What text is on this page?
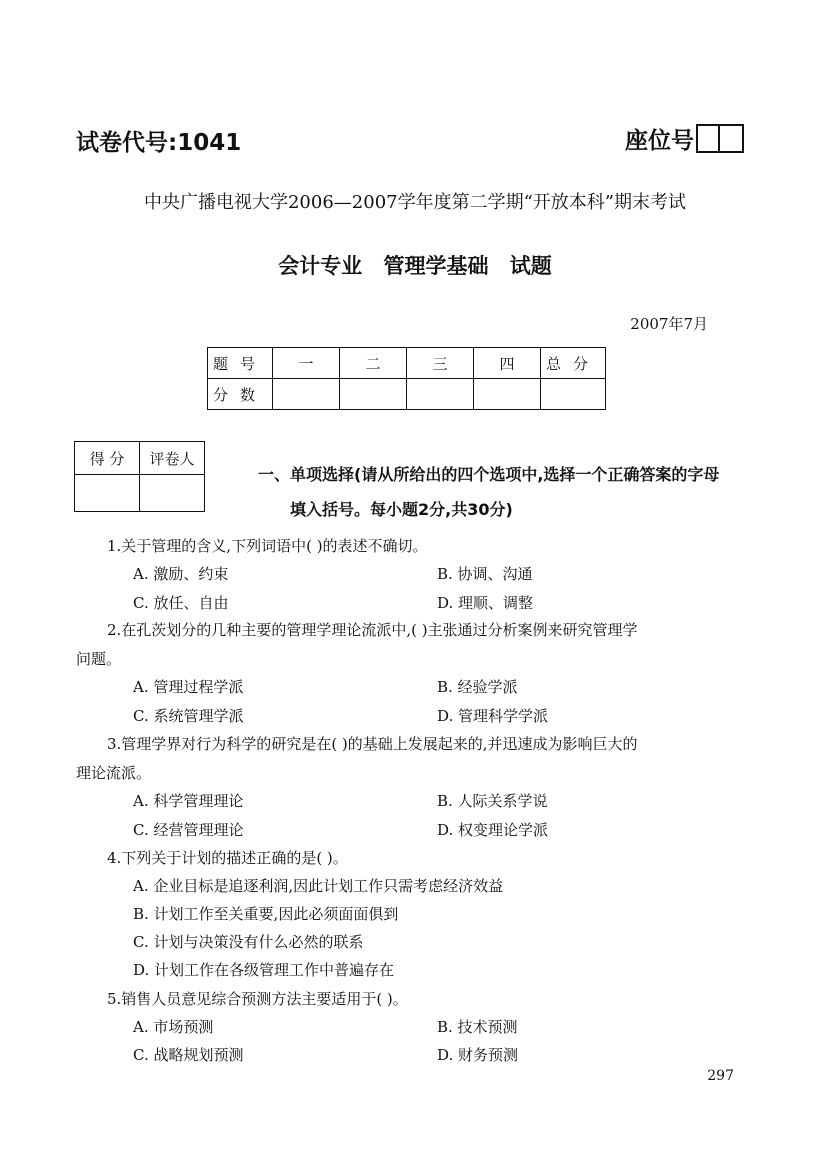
试卷代号:1041	座位号
中央广播电视大学2006—2007学年度第二学期“开放本科”期末考试
会计专业 管理学基础 试题
2007年7月
题号	一	二	三	四	总分
分数					
得 分	评卷人

一、单项选择(请从所给出的四个选项中,选择一个正确答案的字母
填入括号。每小题2分,共30分)
1.关于管理的含义,下列词语中( )的表述不确切。
A. 激励、约束	B. 协调、沟通
C. 放任、自由	D. 理顺、调整
2.在孔茨划分的几种主要的管理学理论流派中,( )主张通过分析案例来研究管理学
问题。
A. 管理过程学派	B. 经验学派
C. 系统管理学派	D. 管理科学学派
3.管理学界对行为科学的研究是在( )的基础上发展起来的,并迅速成为影响巨大的
理论流派。
A. 科学管理理论	B. 人际关系学说
C. 经营管理理论	D. 权变理论学派
4.下列关于计划的描述正确的是( )。
A. 企业目标是追逐利润,因此计划工作只需考虑经济效益
B. 计划工作至关重要,因此必须面面俱到
C. 计划与决策没有什么必然的联系
D. 计划工作在各级管理工作中普遍存在
5.销售人员意见综合预测方法主要适用于( )。
A. 市场预测	B. 技术预测
C. 战略规划预测	D. 财务预测
297
